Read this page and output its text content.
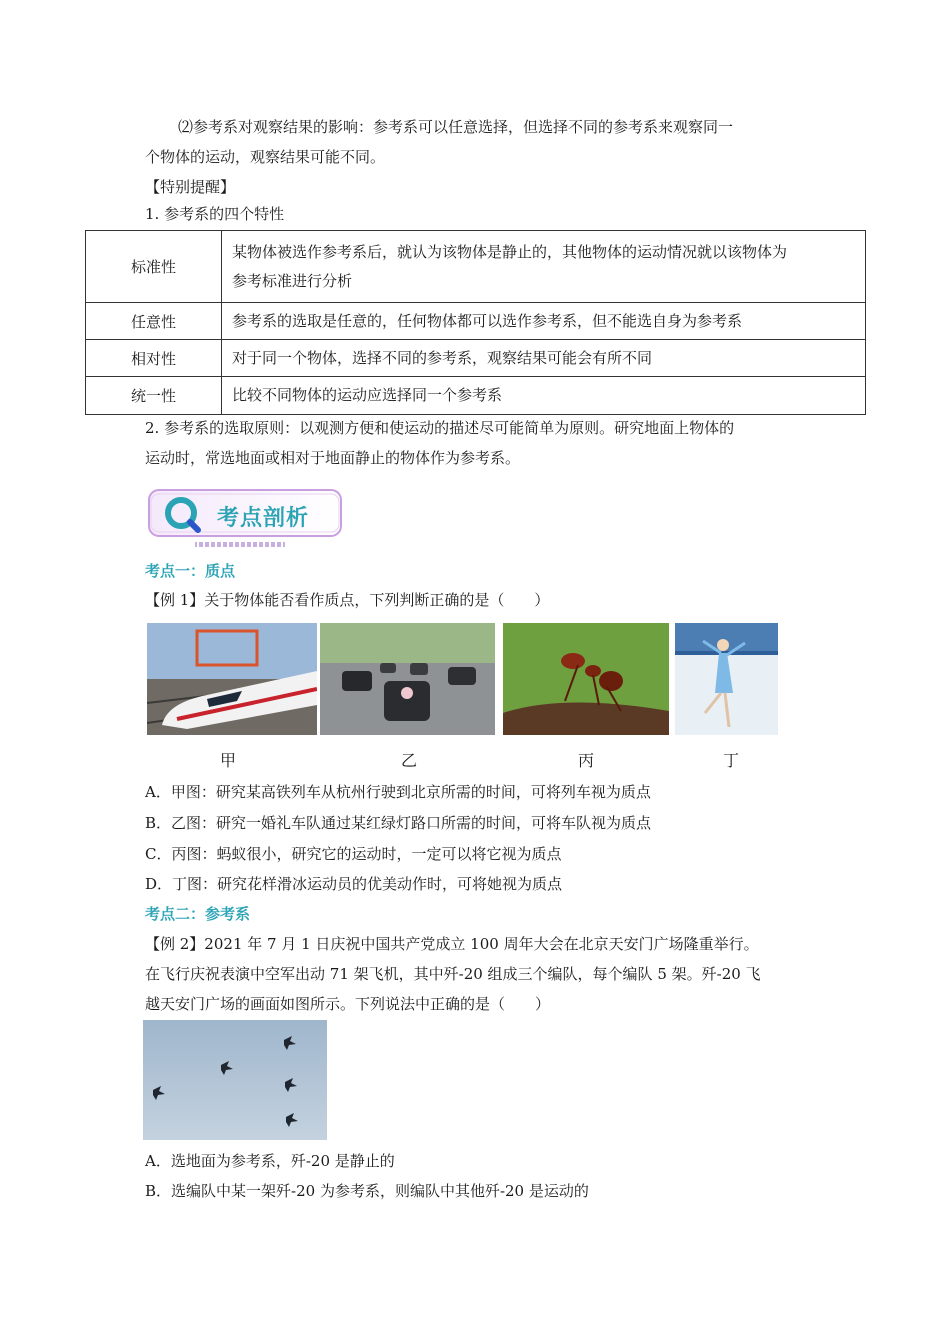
⑵参考系对观察结果的影响：参考系可以任意选择，但选择不同的参考系来观察同一
个物体的运动，观察结果可能不同。
【特别提醒】
1. 参考系的四个特性
标准性	某物体被选作参考系后，就认为该物体是静止的，其他物体的运动情况就以该物体为
参考标准进行分析

任意性	参考系的选取是任意的，任何物体都可以选作参考系，但不能选自身为参考系
相对性	对于同一个物体，选择不同的参考系，观察结果可能会有所不同
统一性	比较不同物体的运动应选择同一个参考系
2. 参考系的选取原则：以观测方便和使运动的描述尽可能简单为原则。研究地面上物体的
运动时，常选地面或相对于地面静止的物体作为参考系。
考点剖析
考点一：质点
【例 1】关于物体能否看作质点，下列判断正确的是（　　）
甲	乙	丙	丁
A．甲图：研究某高铁列车从杭州行驶到北京所需的时间，可将列车视为质点
B．乙图：研究一婚礼车队通过某红绿灯路口所需的时间，可将车队视为质点
C．丙图：蚂蚁很小，研究它的运动时，一定可以将它视为质点
D．丁图：研究花样滑冰运动员的优美动作时，可将她视为质点
考点二：参考系
【例 2】2021 年 7 月 1 日庆祝中国共产党成立 100 周年大会在北京天安门广场隆重举行。
在飞行庆祝表演中空军出动 71 架飞机，其中歼-20 组成三个编队，每个编队 5 架。歼-20 飞
越天安门广场的画面如图所示。下列说法中正确的是（　　）
A．选地面为参考系，歼-20 是静止的
B．选编队中某一架歼-20 为参考系，则编队中其他歼-20 是运动的
